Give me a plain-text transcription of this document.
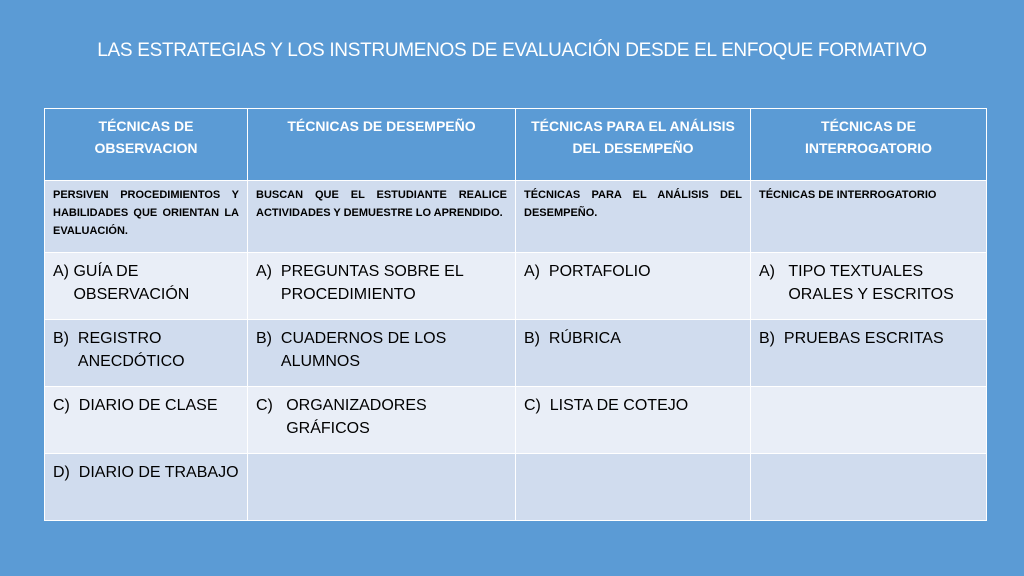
LAS ESTRATEGIAS Y LOS INSTRUMENOS DE EVALUACIÓN DESDE EL ENFOQUE FORMATIVO
TÉCNICAS DE OBSERVACION	TÉCNICAS DE DESEMPEÑO	TÉCNICAS PARA EL ANÁLISIS DEL DESEMPEÑO	TÉCNICAS DE INTERROGATORIO
PERSIVEN PROCEDIMIENTOS Y HABILIDADES QUE ORIENTAN LA EVALUACIÓN.	BUSCAN QUE EL ESTUDIANTE REALICE ACTIVIDADES Y DEMUESTRE LO APRENDIDO.	TÉCNICAS PARA EL ANÁLISIS DEL DESEMPEÑO.	TÉCNICAS DE INTERROGATORIO

A) GUÍA DE OBSERVACIÓN	A) PREGUNTAS SOBRE EL PROCEDIMIENTO	A) PORTAFOLIO	A) TIPO TEXTUALES ORALES Y ESCRITOS

B) REGISTRO ANECDÓTICO	B) CUADERNOS DE LOS ALUMNOS	B) RÚBRICA	B) PRUEBAS ESCRITAS

C) DIARIO DE CLASE	C) ORGANIZADORES GRÁFICOS	C) LISTA DE COTEJO	

D) DIARIO DE TRABAJO			
